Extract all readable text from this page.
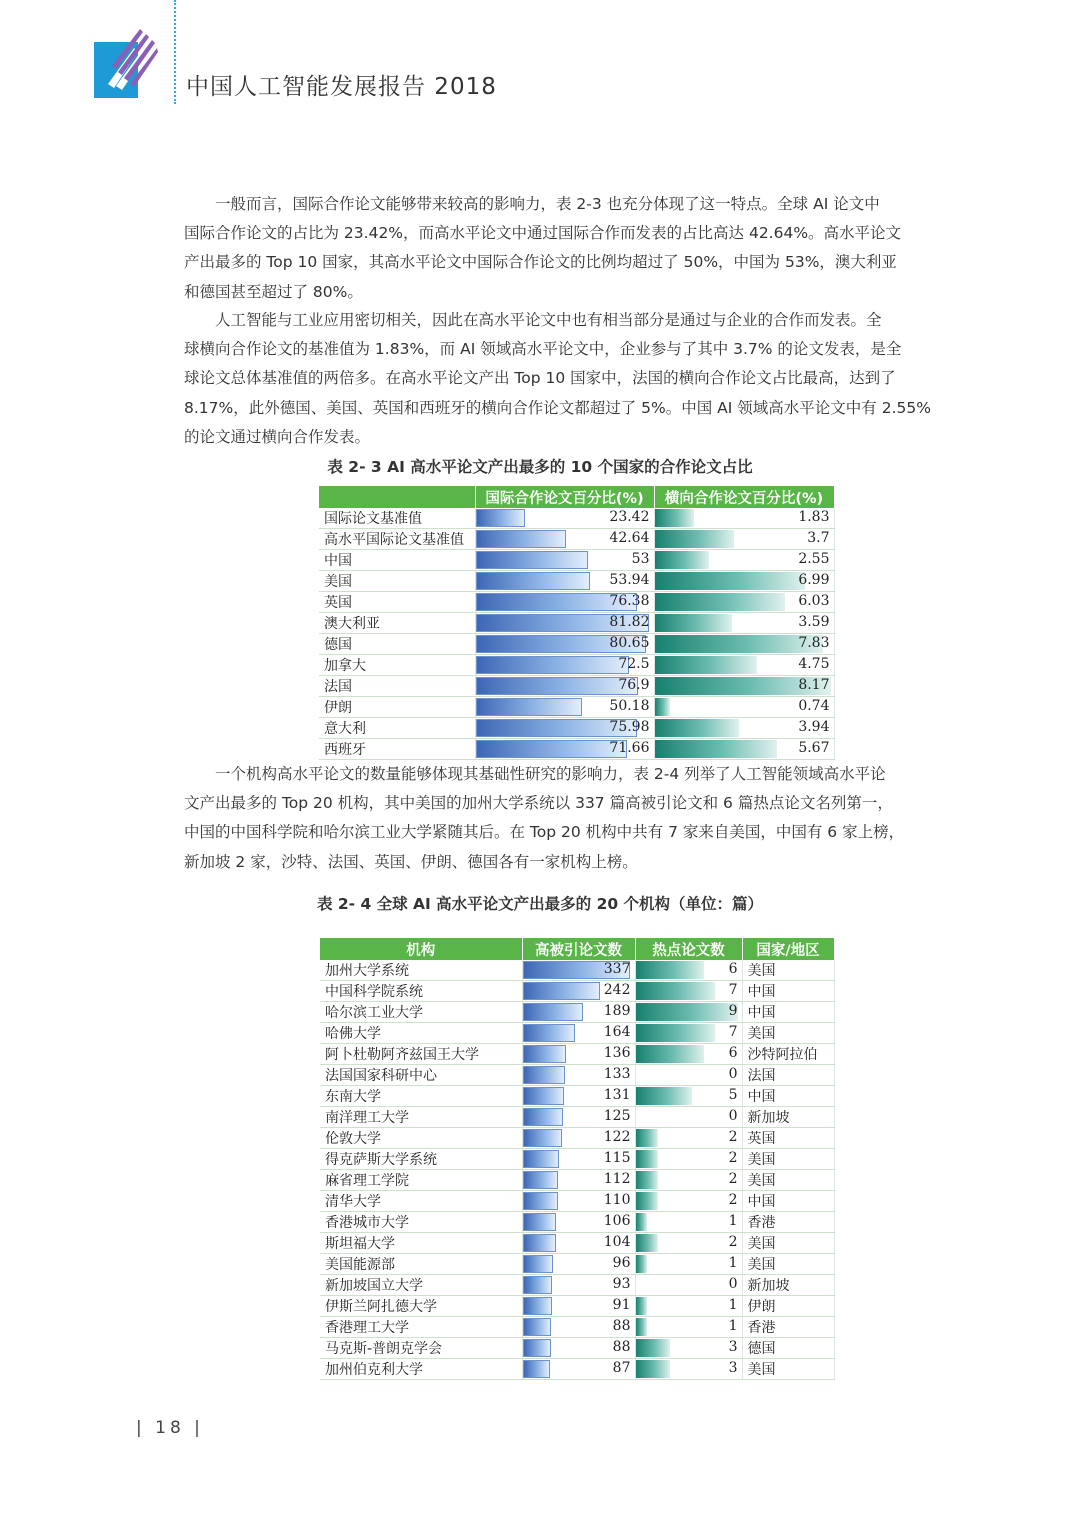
中国人工智能发展报告 2018
一般而言，国际合作论文能够带来较高的影响力，表 2-3 也充分体现了这一特点。全球 AI 论文中
国际合作论文的占比为 23.42%，而高水平论文中通过国际合作而发表的占比高达 42.64%。高水平论文
产出最多的 Top 10 国家，其高水平论文中国际合作论文的比例均超过了 50%，中国为 53%，澳大利亚
和德国甚至超过了 80%。
人工智能与工业应用密切相关，因此在高水平论文中也有相当部分是通过与企业的合作而发表。全
球横向合作论文的基准值为 1.83%，而 AI 领域高水平论文中，企业参与了其中 3.7% 的论文发表，是全
球论文总体基准值的两倍多。在高水平论文产出 Top 10 国家中，法国的横向合作论文占比最高，达到了
8.17%，此外德国、美国、英国和西班牙的横向合作论文都超过了 5%。中国 AI 领域高水平论文中有 2.55%
的论文通过横向合作发表。
表 2- 3 AI 高水平论文产出最多的 10 个国家的合作论文占比
	国际合作论文百分比(%)	横向合作论文百分比(%)
国际论文基准值	23.42	1.83

高水平国际论文基准值	42.64	3.7

中国	53	2.55

美国	53.94	6.99

英国	76.38	6.03

澳大利亚	81.82	3.59

德国	80.65	7.83

加拿大	72.5	4.75

法国	76.9	8.17

伊朗	50.18	0.74

意大利	75.98	3.94

西班牙	71.66	5.67
一个机构高水平论文的数量能够体现其基础性研究的影响力，表 2-4 列举了人工智能领域高水平论
文产出最多的 Top 20 机构，其中美国的加州大学系统以 337 篇高被引论文和 6 篇热点论文名列第一，
中国的中国科学院和哈尔滨工业大学紧随其后。在 Top 20 机构中共有 7 家来自美国，中国有 6 家上榜，
新加坡 2 家，沙特、法国、英国、伊朗、德国各有一家机构上榜。
表 2- 4 全球 AI 高水平论文产出最多的 20 个机构（单位：篇）
机构	高被引论文数	热点论文数	国家/地区
加州大学系统	337	6	美国
中国科学院系统	242	7	中国
哈尔滨工业大学	189	9	中国
哈佛大学	164	7	美国
阿卜杜勒阿齐兹国王大学	136	6	沙特阿拉伯
法国国家科研中心	133	0	法国
东南大学	131	5	中国
南洋理工大学	125	0	新加坡
伦敦大学	122	2	英国
得克萨斯大学系统	115	2	美国
麻省理工学院	112	2	美国
清华大学	110	2	中国
香港城市大学	106	1	香港
斯坦福大学	104	2	美国
美国能源部	96	1	美国
新加坡国立大学	93	0	新加坡
伊斯兰阿扎德大学	91	1	伊朗
香港理工大学	88	1	香港
马克斯-普朗克学会	88	3	德国
加州伯克利大学	87	3	美国
| 18 |
